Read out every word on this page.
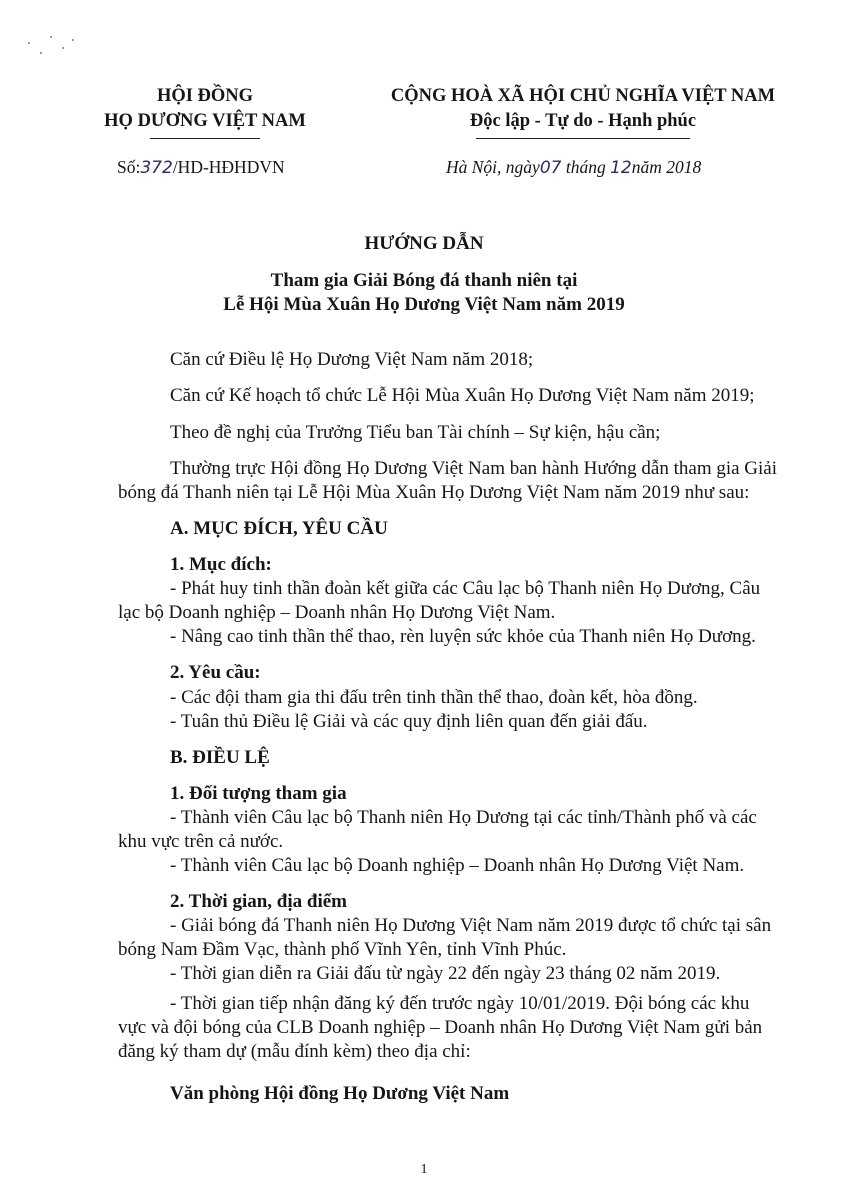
HỘI ĐỒNG
HỌ DƯƠNG VIỆT NAM
Số:372/HD-HĐHDVN
CỘNG HOÀ XÃ HỘI CHỦ NGHĨA VIỆT NAM
Độc lập - Tự do - Hạnh phúc
Hà Nội, ngày07 tháng 12năm 2018
HƯỚNG DẪN
Tham gia Giải Bóng đá thanh niên tại
Lễ Hội Mùa Xuân Họ Dương Việt Nam năm 2019
Căn cứ Điều lệ Họ Dương Việt Nam năm 2018;
Căn cứ Kế hoạch tổ chức Lễ Hội Mùa Xuân Họ Dương Việt Nam năm 2019;
Theo đề nghị của Trưởng Tiểu ban Tài chính – Sự kiện, hậu cần;
Thường trực Hội đồng Họ Dương Việt Nam ban hành Hướng dẫn tham gia Giải
bóng đá Thanh niên tại Lễ Hội Mùa Xuân Họ Dương Việt Nam năm 2019 như sau:
A. MỤC ĐÍCH, YÊU CẦU
1. Mục đích:
- Phát huy tinh thần đoàn kết giữa các Câu lạc bộ Thanh niên Họ Dương, Câu
lạc bộ Doanh nghiệp – Doanh nhân Họ Dương Việt Nam.
- Nâng cao tinh thần thể thao, rèn luyện sức khỏe của Thanh niên Họ Dương.
2. Yêu cầu:
- Các đội tham gia thi đấu trên tinh thần thể thao, đoàn kết, hòa đồng.
- Tuân thủ Điều lệ Giải và các quy định liên quan đến giải đấu.
B. ĐIỀU LỆ
1. Đối tượng tham gia
- Thành viên Câu lạc bộ Thanh niên Họ Dương tại các tỉnh/Thành phố và các
khu vực trên cả nước.
- Thành viên Câu lạc bộ Doanh nghiệp – Doanh nhân Họ Dương Việt Nam.
2. Thời gian, địa điểm
- Giải bóng đá Thanh niên Họ Dương Việt Nam năm 2019 được tổ chức tại sân
bóng Nam Đầm Vạc, thành phố Vĩnh Yên, tỉnh Vĩnh Phúc.
- Thời gian diễn ra Giải đấu từ ngày 22 đến ngày 23 tháng 02 năm 2019.
- Thời gian tiếp nhận đăng ký đến trước ngày 10/01/2019. Đội bóng các khu
vực và đội bóng của CLB Doanh nghiệp – Doanh nhân Họ Dương Việt Nam gửi bản
đăng ký tham dự (mẫu đính kèm) theo địa chỉ:
Văn phòng Hội đồng Họ Dương Việt Nam
1
